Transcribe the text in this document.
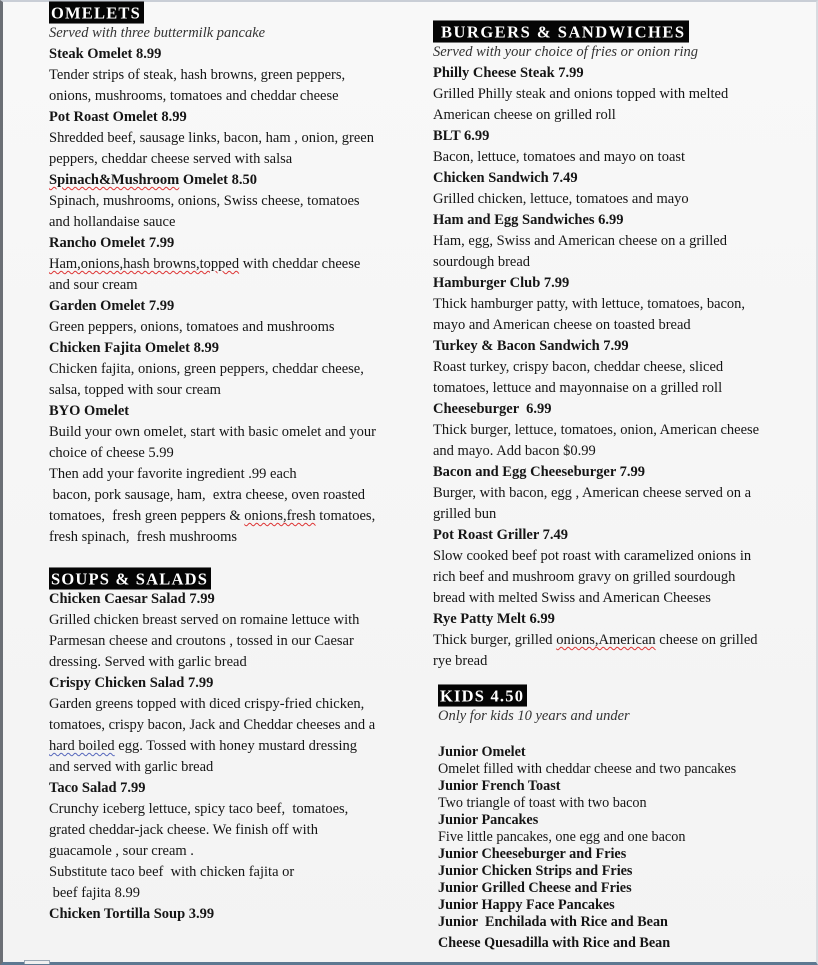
OMELETS

Served with three buttermilk pancake

Steak Omelet 8.99

Tender strips of steak, hash browns, green peppers,

onions, mushrooms, tomatoes and cheddar cheese

Pot Roast Omelet 8.99

Shredded beef, sausage links, bacon, ham , onion, green

peppers, cheddar cheese served with salsa

Spinach&Mushroom Omelet 8.50

Spinach, mushrooms, onions, Swiss cheese, tomatoes

and hollandaise sauce

Rancho Omelet 7.99

Ham,onions,hash browns,topped with cheddar cheese

and sour cream

Garden Omelet 7.99

Green peppers, onions, tomatoes and mushrooms

Chicken Fajita Omelet 8.99

Chicken fajita, onions, green peppers, cheddar cheese,

salsa, topped with sour cream

BYO Omelet

Build your own omelet, start with basic omelet and your

choice of cheese 5.99

Then add your favorite ingredient .99 each

bacon, pork sausage, ham,  extra cheese, oven roasted

tomatoes,  fresh green peppers & onions,fresh tomatoes,

fresh spinach,  fresh mushrooms

SOUPS & SALADS

Chicken Caesar Salad 7.99

Grilled chicken breast served on romaine lettuce with

Parmesan cheese and croutons , tossed in our Caesar

dressing. Served with garlic bread

Crispy Chicken Salad 7.99

Garden greens topped with diced crispy-fried chicken,

tomatoes, crispy bacon, Jack and Cheddar cheeses and a

hard boiled egg. Tossed with honey mustard dressing

and served with garlic bread

Taco Salad 7.99

Crunchy iceberg lettuce, spicy taco beef,  tomatoes,

grated cheddar-jack cheese. We finish off with

guacamole , sour cream .

Substitute taco beef  with chicken fajita or

beef fajita 8.99

Chicken Tortilla Soup 3.99

BURGERS & SANDWICHES

Served with your choice of fries or onion ring

Philly Cheese Steak 7.99

Grilled Philly steak and onions topped with melted

American cheese on grilled roll

BLT 6.99

Bacon, lettuce, tomatoes and mayo on toast

Chicken Sandwich 7.49

Grilled chicken, lettuce, tomatoes and mayo

Ham and Egg Sandwiches 6.99

Ham, egg, Swiss and American cheese on a grilled

sourdough bread

Hamburger Club 7.99

Thick hamburger patty, with lettuce, tomatoes, bacon,

mayo and American cheese on toasted bread

Turkey & Bacon Sandwich 7.99

Roast turkey, crispy bacon, cheddar cheese, sliced

tomatoes, lettuce and mayonnaise on a grilled roll

Cheeseburger  6.99

Thick burger, lettuce, tomatoes, onion, American cheese

and mayo. Add bacon $0.99

Bacon and Egg Cheeseburger 7.99

Burger, with bacon, egg , American cheese served on a

grilled bun

Pot Roast Griller 7.49

Slow cooked beef pot roast with caramelized onions in

rich beef and mushroom gravy on grilled sourdough

bread with melted Swiss and American Cheeses

Rye Patty Melt 6.99

Thick burger, grilled onions,American cheese on grilled

rye bread

KIDS 4.50

Only for kids 10 years and under

Junior Omelet

Omelet filled with cheddar cheese and two pancakes

Junior French Toast

Two triangle of toast with two bacon

Junior Pancakes

Five little pancakes, one egg and one bacon

Junior Cheeseburger and Fries

Junior Chicken Strips and Fries

Junior Grilled Cheese and Fries

Junior Happy Face Pancakes

Junior  Enchilada with Rice and Bean

Cheese Quesadilla with Rice and Bean
